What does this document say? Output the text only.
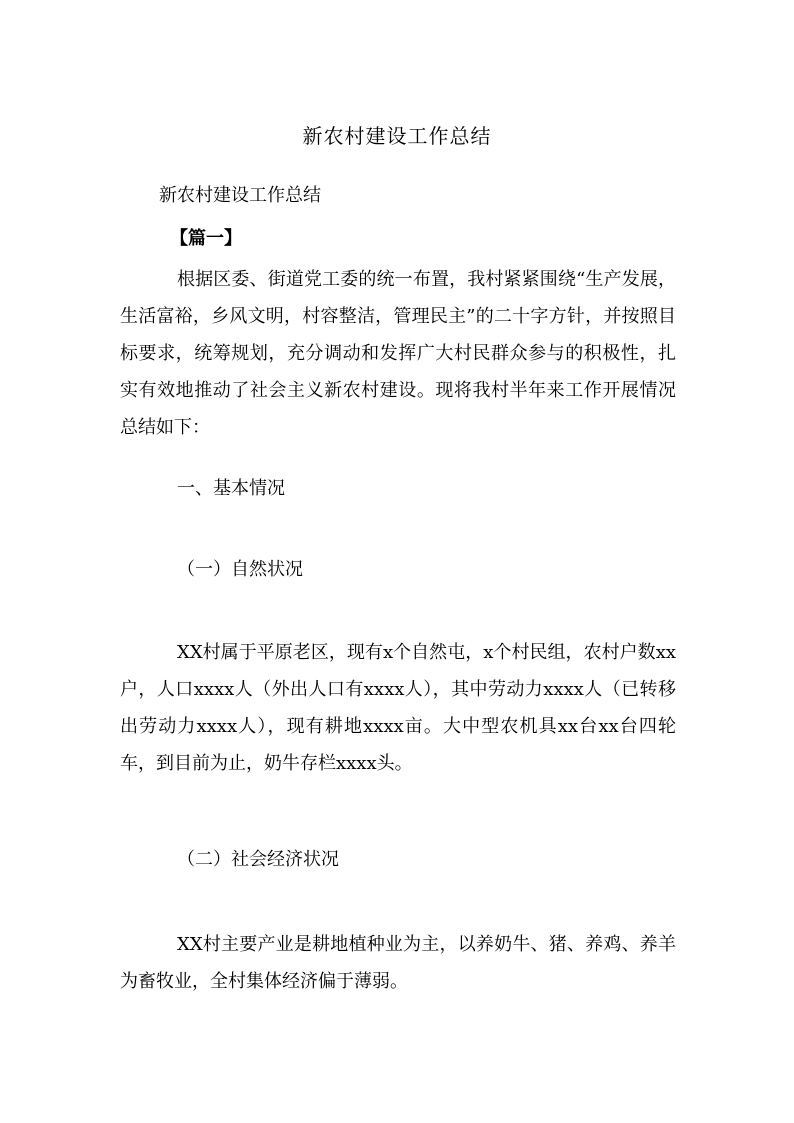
新农村建设工作总结
新农村建设工作总结
【篇一】
根据区委、街道党工委的统一布置，我村紧紧围绕“生产发展，生活富裕，乡风文明，村容整洁，管理民主”的二十字方针，并按照目标要求，统筹规划，充分调动和发挥广大村民群众参与的积极性，扎实有效地推动了社会主义新农村建设。现将我村半年来工作开展情况总结如下：
一、基本情况
（一）自然状况
XX村属于平原老区，现有x个自然屯，x个村民组，农村户数xx户，人口xxxx人（外出人口有xxxx人），其中劳动力xxxx人（已转移出劳动力xxxx人），现有耕地xxxx亩。大中型农机具xx台xx台四轮车，到目前为止，奶牛存栏xxxx头。
（二）社会经济状况
XX村主要产业是耕地植种业为主，以养奶牛、猪、养鸡、养羊为畜牧业，全村集体经济偏于薄弱。
